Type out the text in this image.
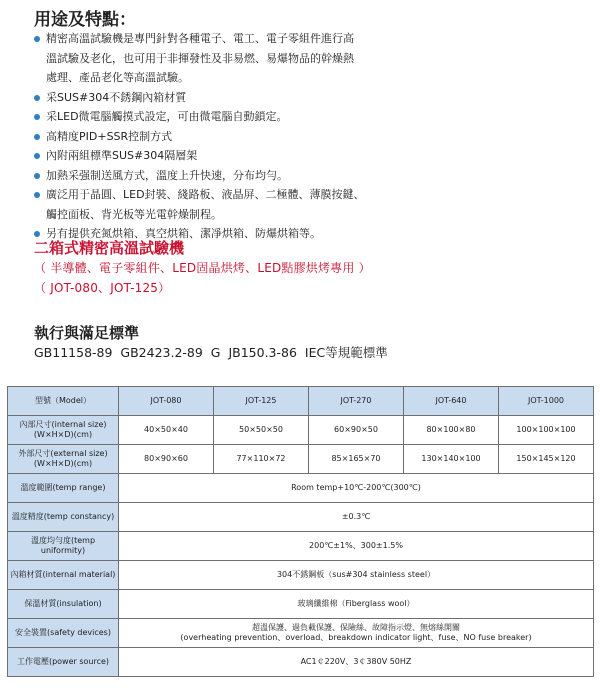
用途及特點：
精密高溫試驗機是專門針對各種電子、電工、電子零組件進行高
溫試驗及老化，也可用于非揮發性及非易燃、易爆物品的幹燥熱
處理、產品老化等高溫試驗。
采SUS#304不銹鋼內箱材質
采LED微電腦觸摸式設定，可由微電腦自動鎖定。
高精度PID+SSR控制方式
內附兩組標準SUS#304隔層架
加熱采强制送風方式，溫度上升快速，分布均勻。
廣泛用于晶圓、LED封裝、綫路板、液晶屏、二極體、薄膜按鍵、
觸控面板、背光板等光電幹燥制程。
另有提供充氮烘箱、真空烘箱、潔凈烘箱、防爆烘箱等。
二箱式精密高溫試驗機
（ 半導體、電子零組件、LED固晶烘烤、LED點膠烘烤專用 ）
（ JOT-080、JOT-125）
執行與滿足標準
GB11158-89 GB2423.2-89 G JB150.3-86 IEC等規範標準
型號（Model）	JOT-080	JOT-125	JOT-270	JOT-640	JOT-1000

內部尺寸(internal size)
(W×H×D)(cm)	40×50×40	50×50×50	60×90×50	80×100×80	100×100×100

外部尺寸(external size)
(W×H×D)(cm)	80×90×60	77×110×72	85×165×70	130×140×100	150×145×120
溫度範圍(temp range)	Room temp+10℃-200℃(300℃)				
溫度精度(temp constancy)	±0.3℃				
溫度均勻度(temp uniformity)	200℃±1%、300±1.5%				
內箱材質(internal material)	304不銹鋼板（sus#304 stainless steel）				
保溫材質(insulation)	玻璃纖維棉（Fiberglass wool）				
安全裝置(safety devices)	超溫保護、過負載保護、保險絲、故障指示燈、無熔絲開關
(overheating prevention、overload、breakdown indicator light、fuse、NO fuse breaker)				

工作電壓(power source)	AC1￠220V、3￠380V 50HZ				
